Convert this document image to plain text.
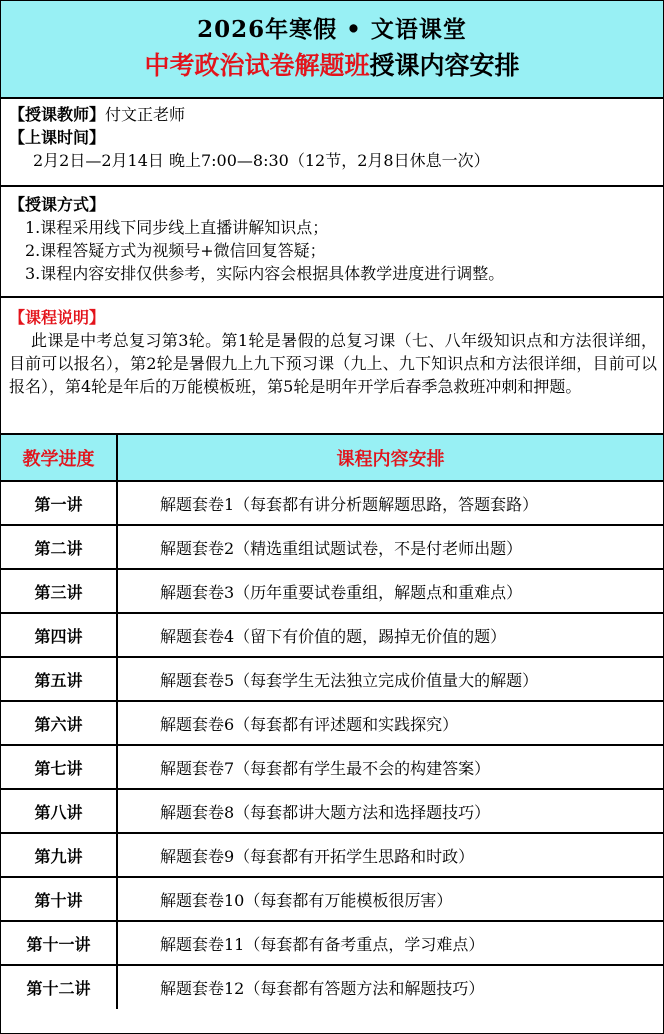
2026年寒假 • 文语课堂
中考政治试卷解题班授课内容安排
【授课教师】付文正老师
【上课时间】
2月2日—2月14日 晚上7:00—8:30（12节，2月8日休息一次）
【授课方式】
1.课程采用线下同步线上直播讲解知识点；
2.课程答疑方式为视频号+微信回复答疑；
3.课程内容安排仅供参考，实际内容会根据具体教学进度进行调整。
【课程说明】
此课是中考总复习第3轮。第1轮是暑假的总复习课（七、八年级知识点和方法很详细，目前可以报名），第2轮是暑假九上九下预习课（九上、九下知识点和方法很详细，目前可以报名），第4轮是年后的万能模板班，第5轮是明年开学后春季急救班冲刺和押题。
教学进度	课程内容安排
第一讲	解题套卷1（每套都有讲分析题解题思路，答题套路）
第二讲	解题套卷2（精选重组试题试卷，不是付老师出题）
第三讲	解题套卷3（历年重要试卷重组，解题点和重难点）
第四讲	解题套卷4（留下有价值的题，踢掉无价值的题）
第五讲	解题套卷5（每套学生无法独立完成价值量大的解题）
第六讲	解题套卷6（每套都有评述题和实践探究）
第七讲	解题套卷7（每套都有学生最不会的构建答案）
第八讲	解题套卷8（每套都讲大题方法和选择题技巧）
第九讲	解题套卷9（每套都有开拓学生思路和时政）
第十讲	解题套卷10（每套都有万能模板很厉害）
第十一讲	解题套卷11（每套都有备考重点，学习难点）
第十二讲	解题套卷12（每套都有答题方法和解题技巧）
